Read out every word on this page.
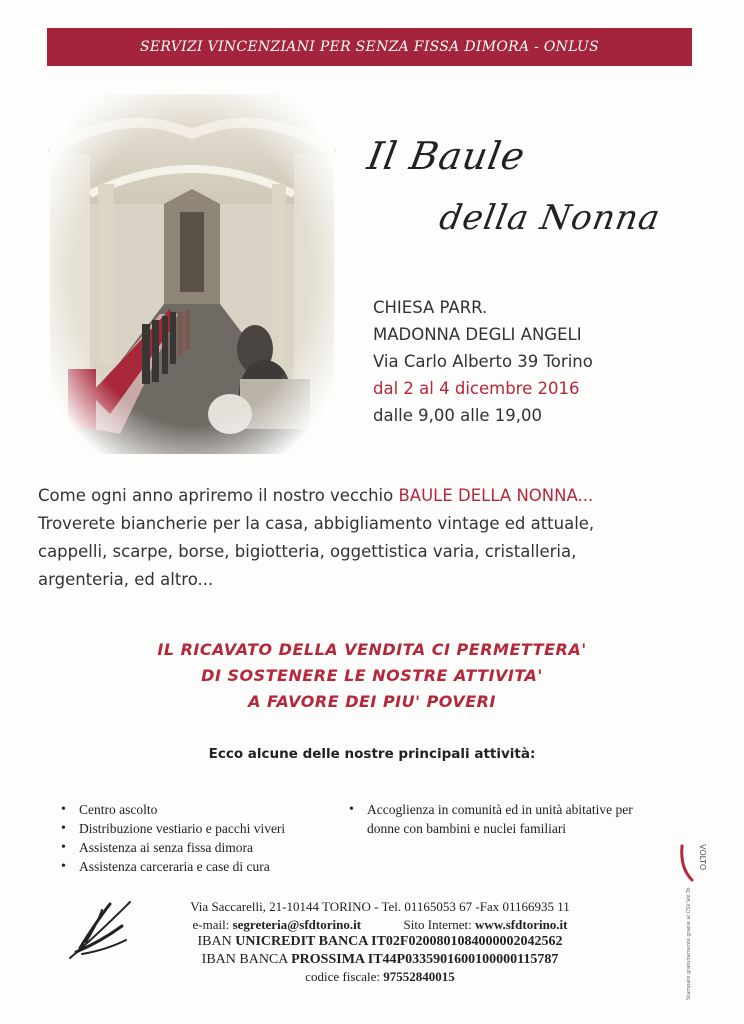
SERVIZI VINCENZIANI PER SENZA FISSA DIMORA - ONLUS
Il Baule
della Nonna
CHIESA PARR.
MADONNA DEGLI ANGELI
Via Carlo Alberto 39 Torino
dal 2 al 4 dicembre 2016
dalle 9,00 alle 19,00
Come ogni anno apriremo il nostro vecchio BAULE DELLA NONNA...
Troverete biancherie per la casa, abbigliamento vintage ed attuale,
cappelli, scarpe, borse, bigiotteria, oggettistica varia, cristalleria,
argenteria, ed altro...
IL RICAVATO DELLA VENDITA CI PERMETTERA'
DI SOSTENERE LE NOSTRE ATTIVITA'
A FAVORE DEI PIU' POVERI
Ecco alcune delle nostre principali attività:
• Centro ascolto
• Distribuzione vestiario e pacchi viveri
• Assistenza ai senza fissa dimora
• Assistenza carceraria e case di cura
• Accoglienza in comunità ed in unità abitative per donne con bambini e nuclei familiari
Via Saccarelli, 21-10144 TORINO - Tel. 01165053 67 -Fax 01166935 11
e-mail: segreteria@sfdtorino.it	Sito Internet: www.sfdtorino.it
IBAN UNICREDIT BANCA IT02F0200801084000002042562
IBAN BANCA PROSSIMA IT44P0335901600100000115787
codice fiscale: 97552840015
VOLTO
Stampato gratuitamente grazie al CSV Vol.To
